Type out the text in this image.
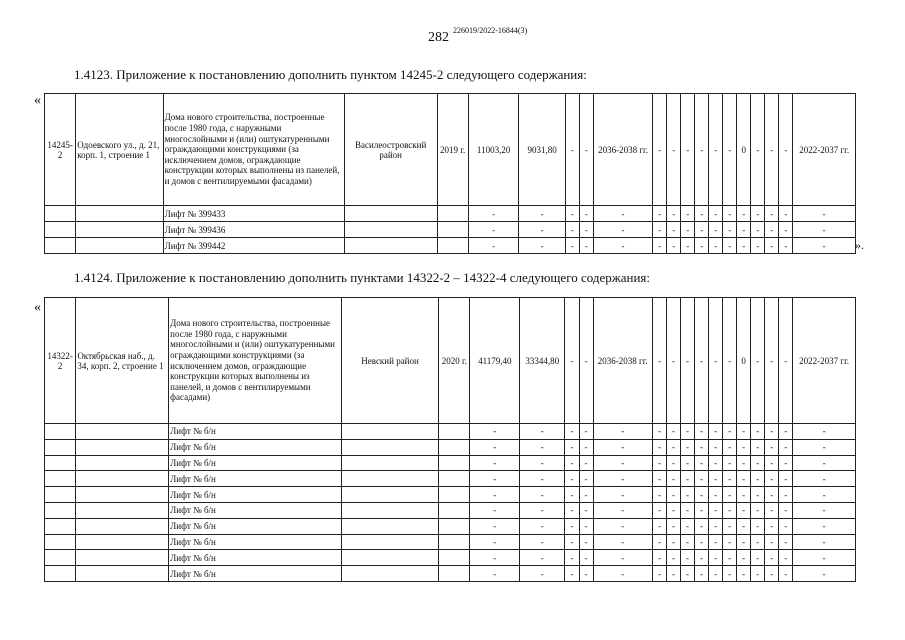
282 226019/2022-16844(3)
1.4123. Приложение к постановлению дополнить пунктом 14245-2 следующего содержания:
«
».
14245-2	Одоевского ул., д. 21, корп. 1, строение 1	Дома нового строительства, построенные после 1980 года, с наружными многослойными и (или) оштукатуренными ограждающими конструкциями (за исключением домов, ограждающие конструкции которых выполнены из панелей, и домов с вентилируемыми фасадами)	Василеостровский район	2019 г.	11003,20	9031,80	-	-	2036-2038 гг.	-	-	-	-	-	-	0	-	-	-	2022-2037 гг.
		Лифт № 399433			-	-	-	-	-	-	-	-	-	-	-	-	-	-	-	-
		Лифт № 399436			-	-	-	-	-	-	-	-	-	-	-	-	-	-	-	-
		Лифт № 399442			-	-	-	-	-	-	-	-	-	-	-	-	-	-	-	-
1.4124. Приложение к постановлению дополнить пунктами 14322-2 – 14322-4 следующего содержания:
«
14322-2	Октябрьская наб., д. 34, корп. 2, строение 1	Дома нового строительства, построенные после 1980 года, с наружными многослойными и (или) оштукатуренными ограждающими конструкциями (за исключением домов, ограждающие конструкции которых выполнены из панелей, и домов с вентилируемыми фасадами)	Невский район	2020 г.	41179,40	33344,80	-	-	2036-2038 гг.	-	-	-	-	-	-	0	-	-	-	2022-2037 гг.
		Лифт № б/н			-	-	-	-	-	-	-	-	-	-	-	-	-	-	-	-
		Лифт № б/н			-	-	-	-	-	-	-	-	-	-	-	-	-	-	-	-
		Лифт № б/н			-	-	-	-	-	-	-	-	-	-	-	-	-	-	-	-
		Лифт № б/н			-	-	-	-	-	-	-	-	-	-	-	-	-	-	-	-
		Лифт № б/н			-	-	-	-	-	-	-	-	-	-	-	-	-	-	-	-
		Лифт № б/н			-	-	-	-	-	-	-	-	-	-	-	-	-	-	-	-
		Лифт № б/н			-	-	-	-	-	-	-	-	-	-	-	-	-	-	-	-
		Лифт № б/н			-	-	-	-	-	-	-	-	-	-	-	-	-	-	-	-
		Лифт № б/н			-	-	-	-	-	-	-	-	-	-	-	-	-	-	-	-
		Лифт № б/н			-	-	-	-	-	-	-	-	-	-	-	-	-	-	-	-
